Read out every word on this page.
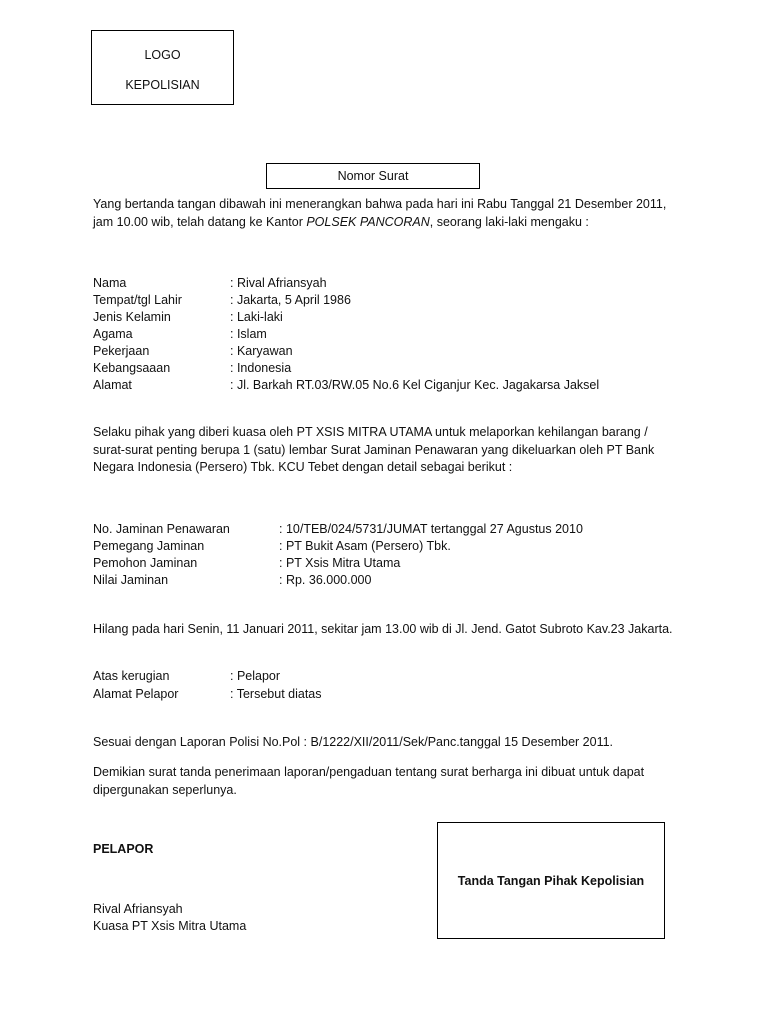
LOGO
KEPOLISIAN
Nomor Surat

Yang bertanda tangan dibawah ini menerangkan bahwa pada hari ini Rabu Tanggal 21 Desember 2011, jam 10.00 wib, telah datang ke Kantor POLSEK PANCORAN, seorang laki-laki mengaku :

Nama	: Rival Afriansyah
Tempat/tgl Lahir	: Jakarta, 5 April 1986
Jenis Kelamin	: Laki-laki
Agama	: Islam
Pekerjaan	: Karyawan
Kebangsaaan	: Indonesia
Alamat	: Jl. Barkah RT.03/RW.05 No.6 Kel Ciganjur Kec. Jagakarsa Jaksel

Selaku pihak yang diberi kuasa oleh PT XSIS MITRA UTAMA untuk melaporkan kehilangan barang / surat-surat penting berupa 1 (satu) lembar Surat Jaminan Penawaran yang dikeluarkan oleh PT Bank Negara Indonesia (Persero) Tbk. KCU Tebet dengan detail sebagai berikut :

No. Jaminan Penawaran	: 10/TEB/024/5731/JUMAT tertanggal 27 Agustus 2010
Pemegang Jaminan	: PT Bukit Asam (Persero) Tbk.
Pemohon Jaminan	: PT Xsis Mitra Utama
Nilai Jaminan	: Rp. 36.000.000

Hilang pada hari Senin, 11 Januari 2011, sekitar jam 13.00 wib di Jl. Jend. Gatot Subroto Kav.23 Jakarta.

Atas kerugian	: Pelapor
Alamat Pelapor	: Tersebut diatas

Sesuai dengan Laporan Polisi No.Pol : B/1222/XII/2011/Sek/Panc.tanggal 15 Desember 2011.

Demikian surat tanda penerimaan laporan/pengaduan tentang surat berharga ini dibuat untuk dapat dipergunakan seperlunya.

PELAPOR
Tanda Tangan Pihak Kepolisian
Rival Afriansyah
Kuasa PT Xsis Mitra Utama
